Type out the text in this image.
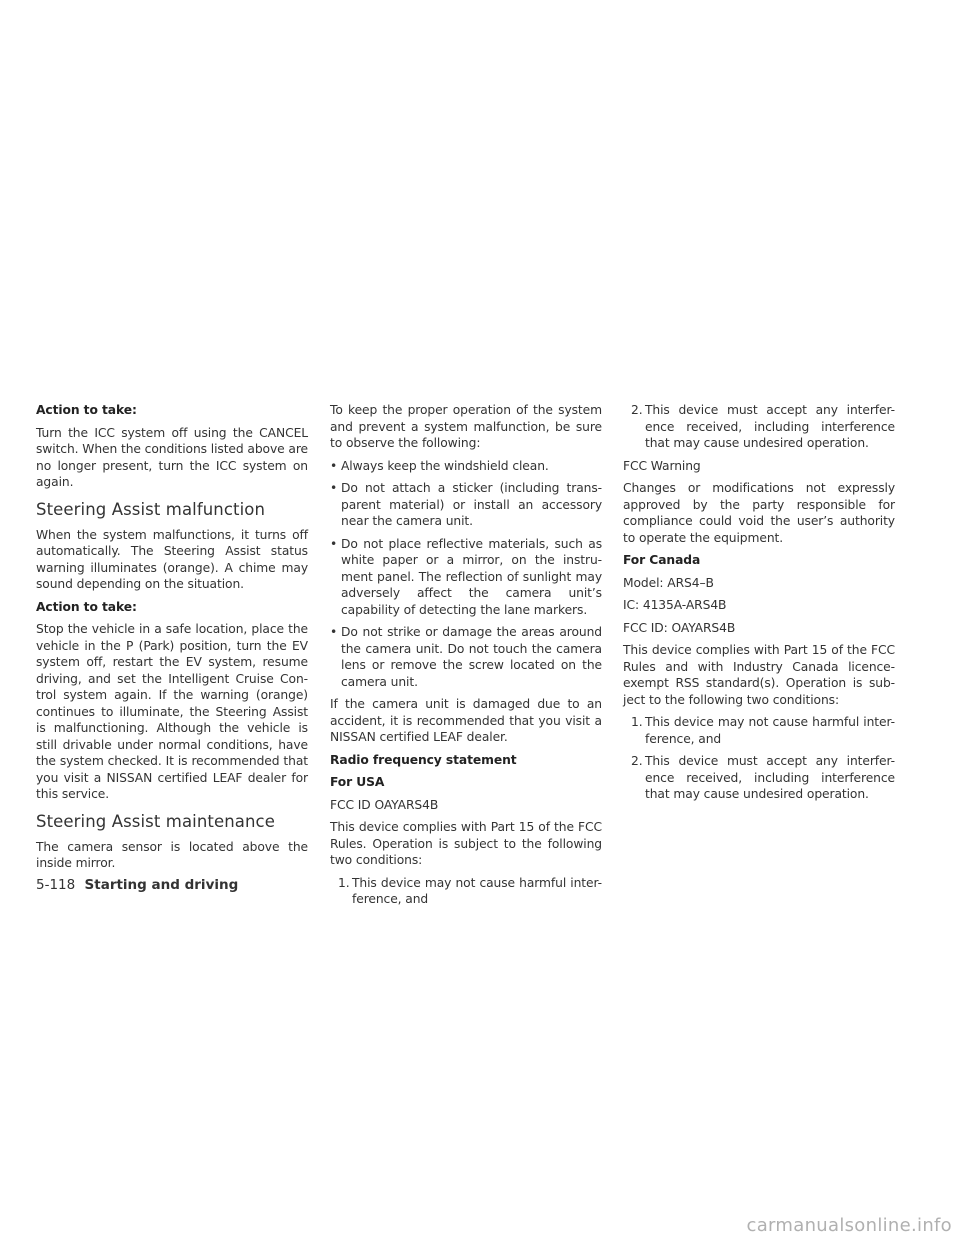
Action to take:

Turn the ICC system off using the CANCEL switch. When the conditions listed above are no longer present, turn the ICC system on again.

Steering Assist malfunction

When the system malfunctions, it turns off automatically. The Steering Assist status warning illuminates (orange). A chime may sound depending on the situation.

Action to take:

Stop the vehicle in a safe location, place the vehicle in the P (Park) position, turn the EV system off, restart the EV system, resume driving, and set the Intelligent Cruise Con-trol system again. If the warning (orange) continues to illuminate, the Steering Assist is malfunctioning. Although the vehicle is still drivable under normal conditions, have the system checked. It is recommended that you visit a NISSAN certified LEAF dealer for this service.

Steering Assist maintenance

The camera sensor is located above the inside mirror.

To keep the proper operation of the system and prevent a system malfunction, be sure to observe the following:

• Always keep the windshield clean.
• Do not attach a sticker (including trans-parent material) or install an accessory near the camera unit.
• Do not place reflective materials, such as white paper or a mirror, on the instru-ment panel. The reflection of sunlight may adversely affect the camera unit’s capability of detecting the lane markers.
• Do not strike or damage the areas around the camera unit. Do not touch the camera lens or remove the screw located on the camera unit.

If the camera unit is damaged due to an accident, it is recommended that you visit a NISSAN certified LEAF dealer.

Radio frequency statement

For USA

FCC ID OAYARS4B

This device complies with Part 15 of the FCC Rules. Operation is subject to the following two conditions:

1. This device may not cause harmful inter-ference, and
2. This device must accept any interfer-ence received, including interference that may cause undesired operation.

FCC Warning

Changes or modifications not expressly approved by the party responsible for compliance could void the user’s authority to operate the equipment.

For Canada

Model: ARS4–B

IC: 4135A-ARS4B

FCC ID: OAYARS4B

This device complies with Part 15 of the FCC Rules and with Industry Canada licence-exempt RSS standard(s). Operation is sub-ject to the following two conditions:

1. This device may not cause harmful inter-ference, and
2. This device must accept any interfer-ence received, including interference that may cause undesired operation.
5-118 Starting and driving
carmanualsonline.info
